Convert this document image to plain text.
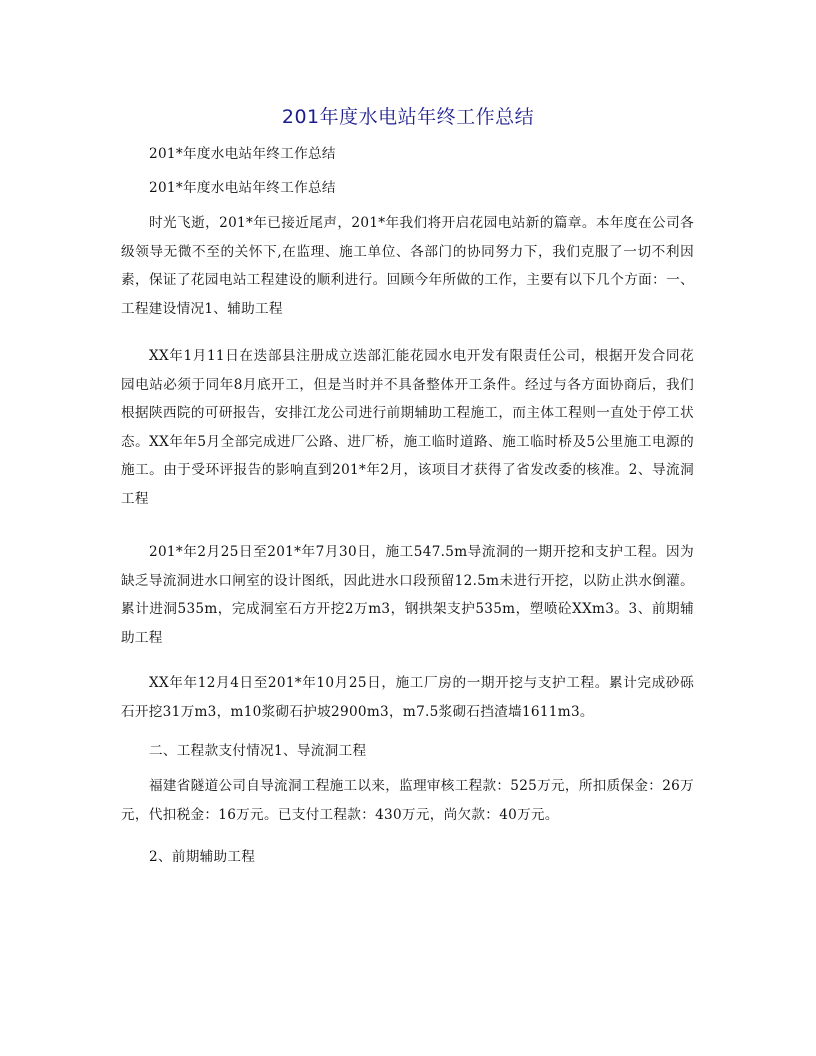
201年度水电站年终工作总结

201*年度水电站年终工作总结

201*年度水电站年终工作总结

时光飞逝，201*年已接近尾声，201*年我们将开启花园电站新的篇章。本年度在公司各级领导无微不至的关怀下,在监理、施工单位、各部门的协同努力下，我们克服了一切不利因素，保证了花园电站工程建设的顺利进行。回顾今年所做的工作，主要有以下几个方面：一、工程建设情况1、辅助工程

XX年1月11日在迭部县注册成立迭部汇能花园水电开发有限责任公司，根据开发合同花园电站必须于同年8月底开工，但是当时并不具备整体开工条件。经过与各方面协商后，我们根据陕西院的可研报告，安排江龙公司进行前期辅助工程施工，而主体工程则一直处于停工状态。XX年年5月全部完成进厂公路、进厂桥，施工临时道路、施工临时桥及5公里施工电源的施工。由于受环评报告的影响直到201*年2月，该项目才获得了省发改委的核准。2、导流洞工程

201*年2月25日至201*年7月30日，施工547.5m导流洞的一期开挖和支护工程。因为缺乏导流洞进水口闸室的设计图纸，因此进水口段预留12.5m未进行开挖，以防止洪水倒灌。累计进洞535m，完成洞室石方开挖2万m3，钢拱架支护535m，塑喷砼XXm3。3、前期辅助工程

XX年年12月4日至201*年10月25日，施工厂房的一期开挖与支护工程。累计完成砂砾石开挖31万m3，m10浆砌石护坡2900m3，m7.5浆砌石挡渣墙1611m3。

二、工程款支付情况1、导流洞工程

福建省隧道公司自导流洞工程施工以来，监理审核工程款：525万元，所扣质保金：26万元，代扣税金：16万元。已支付工程款：430万元，尚欠款：40万元。

2、前期辅助工程
